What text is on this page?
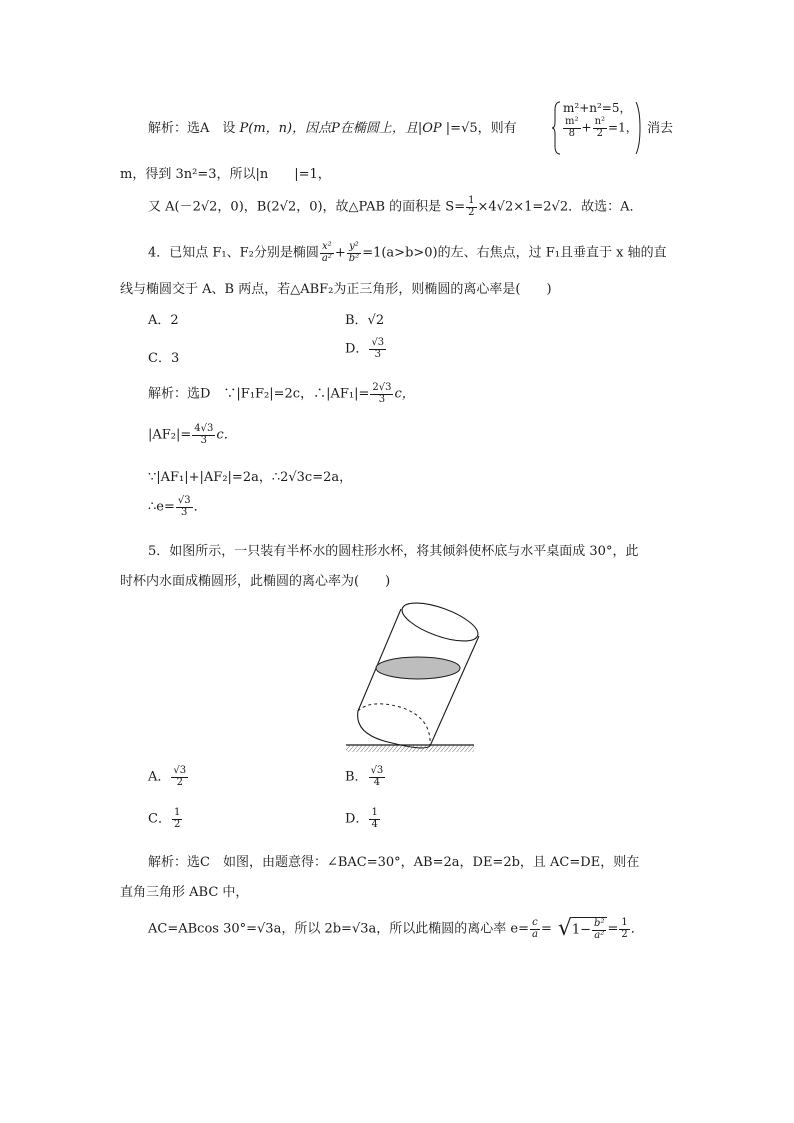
解析：选A　设 P(m，n)，因点P在椭圆上，且|OP |=√5，则有
m²+n²=5，
$\frac{\text{m²}}{8} + \frac{\text{n²}}{2} =1$， 消去
m，得到 3n²=3，所以|n　　|=1，
又 A(－2√2，0)，B(2√2，0)，故△PAB 的面积是 $S= \frac{1}{2} \times 4√2\times 1=2√2$．故选：A．
4．已知点 F₁、F₂分别是椭圆 $\frac{\text{x²}}{\text{a²}} + \frac{\text{y²}}{\text{b²}} =1(a>b>0)$的左、右焦点，过 F₁且垂直于 x 轴的直
线与椭圆交于 A、B 两点，若△ABF₂为正三角形，则椭圆的离心率是(　　)
A．2	B．√2
C．3
D． $\frac{√3}{3}$
解析：选D　∵|F₁F₂|=2c，∴|AF₁|= $\frac{2√3}{3}$ c，
$|AF_2|= \frac{4√3}{3}$ c．
∵|AF₁|+|AF₂|=2a，∴2√3c=2a，
∴e= $\frac{√3}{3}$ ．
5．如图所示，一只装有半杯水的圆柱形水杯，将其倾斜使杯底与水平桌面成 30°，此
时杯内水面成椭圆形，此椭圆的离心率为(　　)
A． $\frac{√3}{2}$	B． $\frac{√3}{4}$
C． $\frac{1}{2}$	D． $\frac{1}{4}$
解析：选C　如图，由题意得：∠BAC=30°，AB=2a，DE=2b，且 AC=DE，则在
直角三角形 ABC 中，
AC=ABcos 30°=√3a，所以 2b=√3a，所以此椭圆的离心率 $e= \frac{c}{a} = √1- \frac{\text{b²}}{\text{a²}} = \frac{1}{2}$ ．
